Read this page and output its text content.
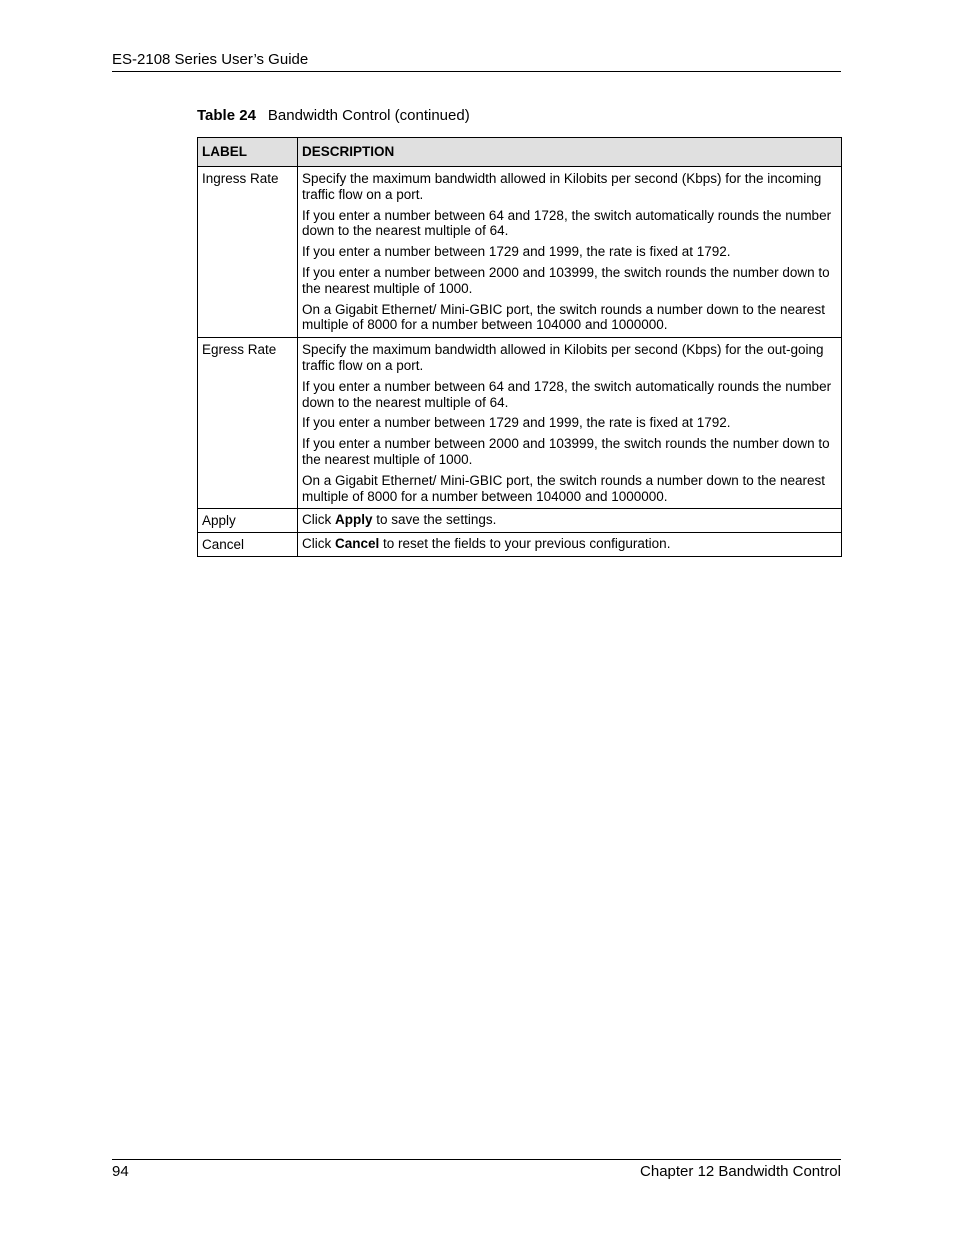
ES-2108 Series User’s Guide
Table 24 Bandwidth Control (continued)
LABEL	DESCRIPTION
Ingress Rate	Specify the maximum bandwidth allowed in Kilobits per second (Kbps) for the incoming traffic flow on a port.

If you enter a number between 64 and 1728, the switch automatically rounds the number down to the nearest multiple of 64.

If you enter a number between 1729 and 1999, the rate is fixed at 1792.

If you enter a number between 2000 and 103999, the switch rounds the number down to the nearest multiple of 1000.

On a Gigabit Ethernet/ Mini-GBIC port, the switch rounds a number down to the nearest multiple of 8000 for a number between 104000 and 1000000.

Egress Rate	Specify the maximum bandwidth allowed in Kilobits per second (Kbps) for the out-going traffic flow on a port.

If you enter a number between 64 and 1728, the switch automatically rounds the number down to the nearest multiple of 64.

If you enter a number between 1729 and 1999, the rate is fixed at 1792.

If you enter a number between 2000 and 103999, the switch rounds the number down to the nearest multiple of 1000.

On a Gigabit Ethernet/ Mini-GBIC port, the switch rounds a number down to the nearest multiple of 8000 for a number between 104000 and 1000000.

Apply	Click Apply to save the settings.
Cancel	Click Cancel to reset the fields to your previous configuration.
94	Chapter 12 Bandwidth Control
